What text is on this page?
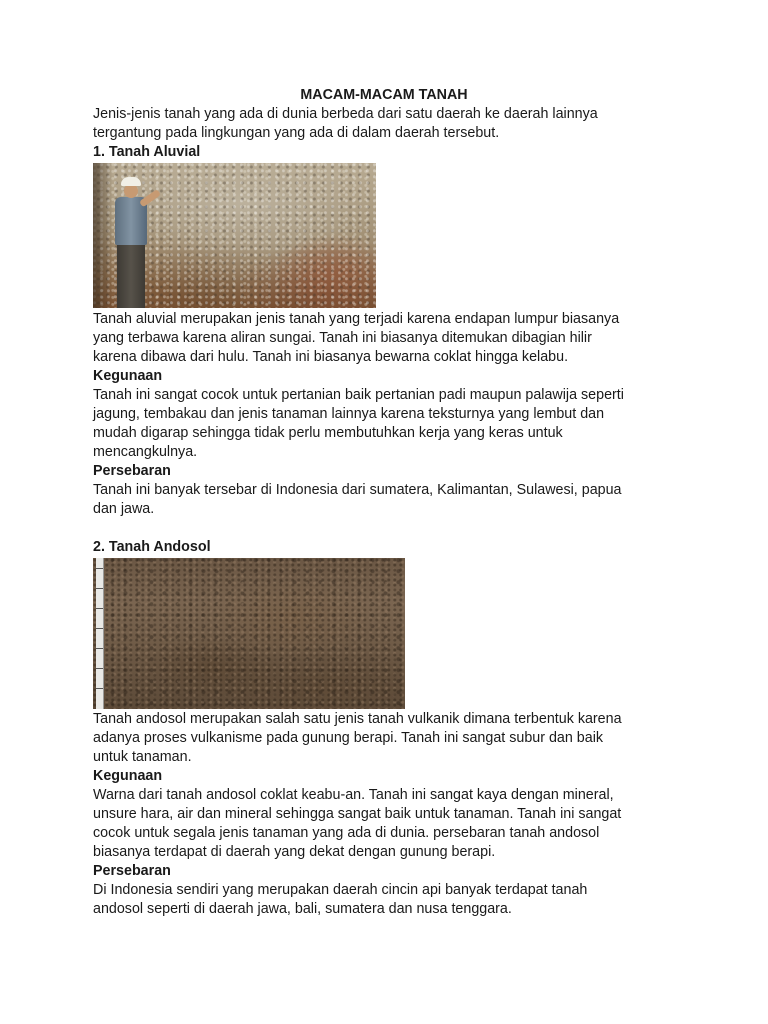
MACAM-MACAM TANAH

Jenis-jenis tanah yang ada di dunia berbeda dari satu daerah ke daerah lainnya

tergantung pada lingkungan yang ada di dalam daerah tersebut.

1. Tanah Aluvial

Tanah aluvial merupakan jenis tanah yang terjadi karena endapan lumpur biasanya

yang terbawa karena aliran sungai. Tanah ini biasanya ditemukan dibagian hilir

karena dibawa dari hulu. Tanah ini biasanya bewarna coklat hingga kelabu.

Kegunaan

Tanah ini sangat cocok untuk pertanian baik pertanian padi maupun palawija seperti

jagung, tembakau dan jenis tanaman lainnya karena teksturnya yang lembut dan

mudah digarap sehingga tidak perlu membutuhkan kerja yang keras untuk

mencangkulnya.

Persebaran

Tanah ini banyak tersebar di Indonesia dari sumatera, Kalimantan, Sulawesi, papua

dan jawa.

2. Tanah Andosol

Tanah andosol merupakan salah satu jenis tanah vulkanik dimana terbentuk karena

adanya proses vulkanisme pada gunung berapi. Tanah ini sangat subur dan baik

untuk tanaman.

Kegunaan

Warna dari tanah andosol coklat keabu-an. Tanah ini sangat kaya dengan mineral,

unsure hara, air dan mineral sehingga sangat baik untuk tanaman. Tanah ini sangat

cocok untuk segala jenis tanaman yang ada di dunia. persebaran tanah andosol

biasanya terdapat di daerah yang dekat dengan gunung berapi.

Persebaran

Di Indonesia sendiri yang merupakan daerah cincin api banyak terdapat tanah

andosol seperti di daerah jawa, bali, sumatera dan nusa tenggara.
